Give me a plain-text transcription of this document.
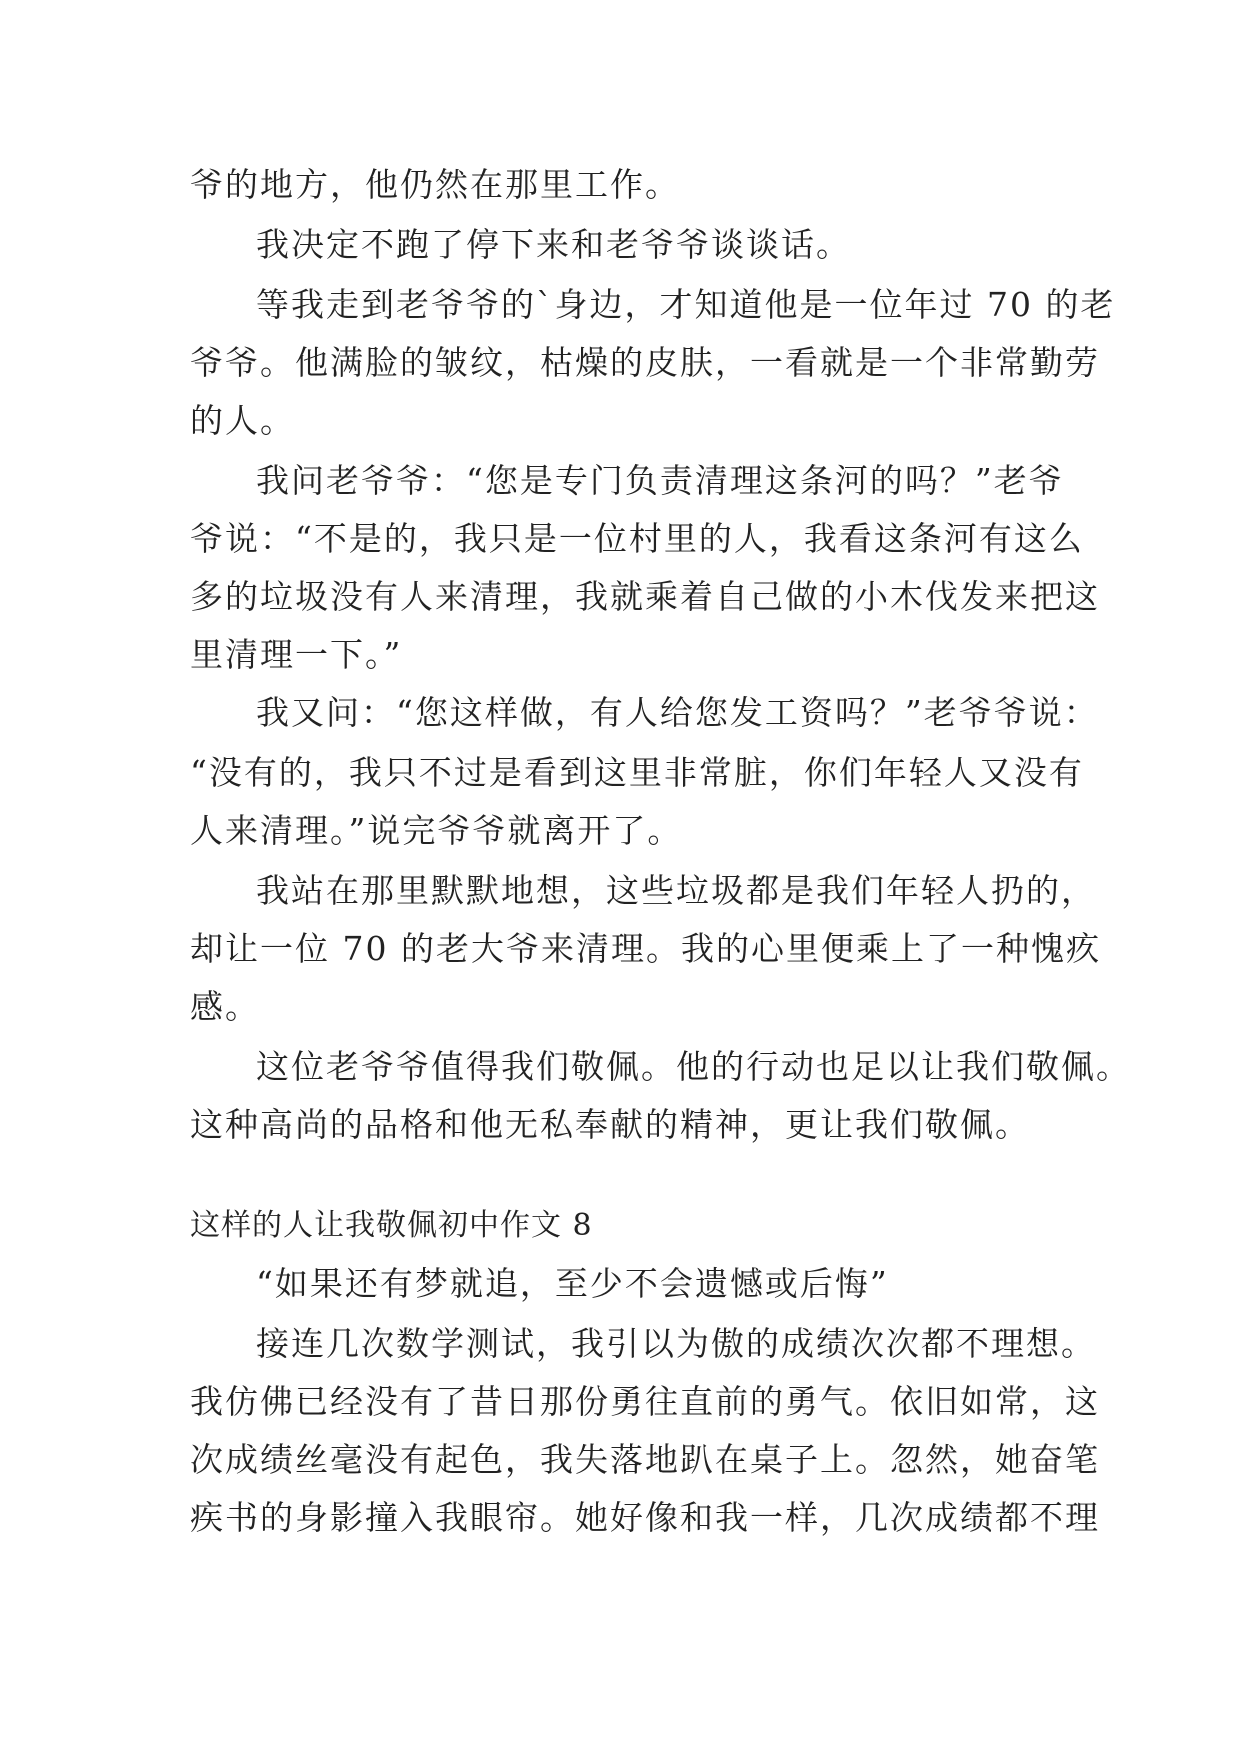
爷的地方，他仍然在那里工作。
我决定不跑了停下来和老爷爷谈谈话。
等我走到老爷爷的`身边，才知道他是一位年过 70 的老
爷爷。他满脸的皱纹，枯燥的皮肤，一看就是一个非常勤劳
的人。
我问老爷爷：“您是专门负责清理这条河的吗？”老爷
爷说：“不是的，我只是一位村里的人，我看这条河有这么
多的垃圾没有人来清理，我就乘着自己做的小木伐发来把这
里清理一下。”
我又问：“您这样做，有人给您发工资吗？”老爷爷说：
“没有的，我只不过是看到这里非常脏，你们年轻人又没有
人来清理。”说完爷爷就离开了。
我站在那里默默地想，这些垃圾都是我们年轻人扔的，
却让一位 70 的老大爷来清理。我的心里便乘上了一种愧疚
感。
这位老爷爷值得我们敬佩。他的行动也足以让我们敬佩。
这种高尚的品格和他无私奉献的精神，更让我们敬佩。
这样的人让我敬佩初中作文 8
“如果还有梦就追，至少不会遗憾或后悔”
接连几次数学测试，我引以为傲的成绩次次都不理想。
我仿佛已经没有了昔日那份勇往直前的勇气。依旧如常，这
次成绩丝毫没有起色，我失落地趴在桌子上。忽然，她奋笔
疾书的身影撞入我眼帘。她好像和我一样，几次成绩都不理
